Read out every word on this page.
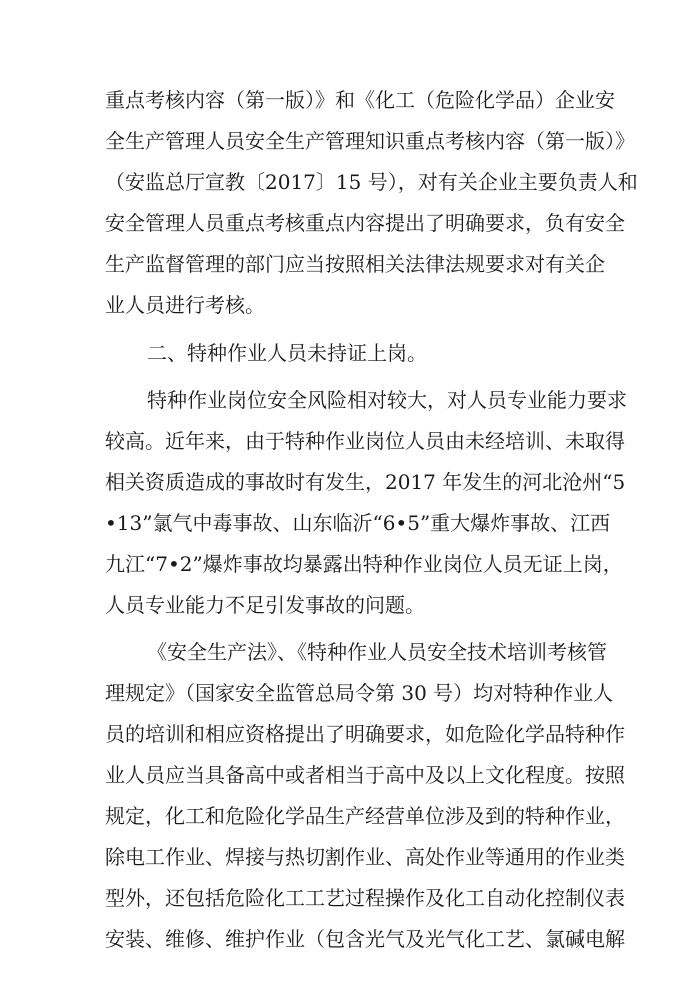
重点考核内容（第一版）》和《化工（危险化学品）企业安
全生产管理人员安全生产管理知识重点考核内容（第一版）》
（安监总厅宣教〔2017〕15 号），对有关企业主要负责人和
安全管理人员重点考核重点内容提出了明确要求，负有安全
生产监督管理的部门应当按照相关法律法规要求对有关企
业人员进行考核。
二、特种作业人员未持证上岗。
特种作业岗位安全风险相对较大，对人员专业能力要求
较高。近年来，由于特种作业岗位人员由未经培训、未取得
相关资质造成的事故时有发生，2017 年发生的河北沧州“5
•13”氯气中毒事故、山东临沂“6•5”重大爆炸事故、江西
九江“7•2”爆炸事故均暴露出特种作业岗位人员无证上岗，
人员专业能力不足引发事故的问题。
《安全生产法》、《特种作业人员安全技术培训考核管
理规定》（国家安全监管总局令第 30 号）均对特种作业人
员的培训和相应资格提出了明确要求，如危险化学品特种作
业人员应当具备高中或者相当于高中及以上文化程度。按照
规定，化工和危险化学品生产经营单位涉及到的特种作业，
除电工作业、焊接与热切割作业、高处作业等通用的作业类
型外，还包括危险化工工艺过程操作及化工自动化控制仪表
安装、维修、维护作业（包含光气及光气化工艺、氯碱电解
